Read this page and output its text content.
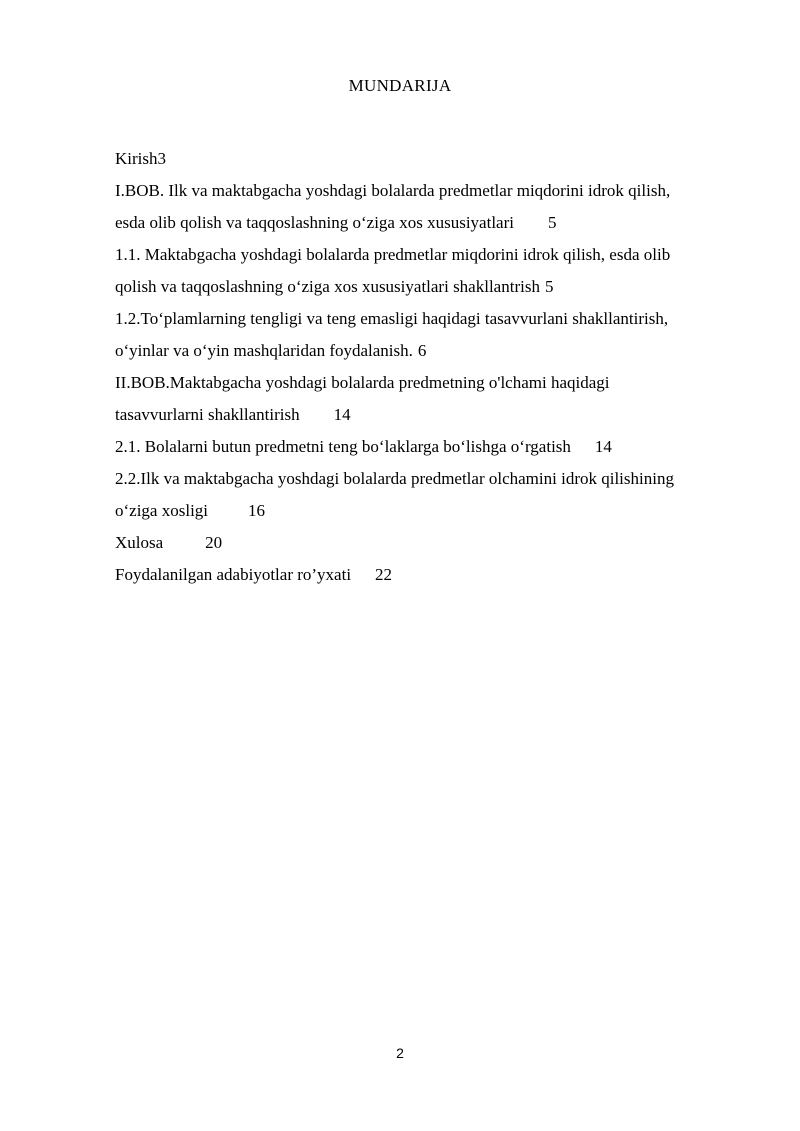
MUNDARIJA

Kirish3

I.BOB. Ilk va maktabgacha yoshdagi bolalarda predmetlar miqdorini idrok qilish,
esda olib qolish va taqqoslashning o‘ziga xos xususiyatlari 5

1.1. Maktabgacha yoshdagi bolalarda predmetlar miqdorini idrok qilish, esda olib
qolish va taqqoslashning o‘ziga xos xususiyatlari shakllantrish 5

1.2.To‘plamlarning tengligi va teng emasligi haqidagi tasavvurlani shakllantirish,
o‘yinlar va o‘yin mashqlaridan foydalanish. 6

II.BOB.Maktabgacha yoshdagi bolalarda predmetning o'lchami haqidagi
tasavvurlarni shakllantirish 14

2.1. Bolalarni butun predmetni teng bo‘laklarga bo‘lishga o‘rgatish 14

2.2.Ilk va maktabgacha yoshdagi bolalarda predmetlar olchamini idrok qilishining
o‘ziga xosligi 16

Xulosa 20

Foydalanilgan adabiyotlar ro’yxati 22

2
